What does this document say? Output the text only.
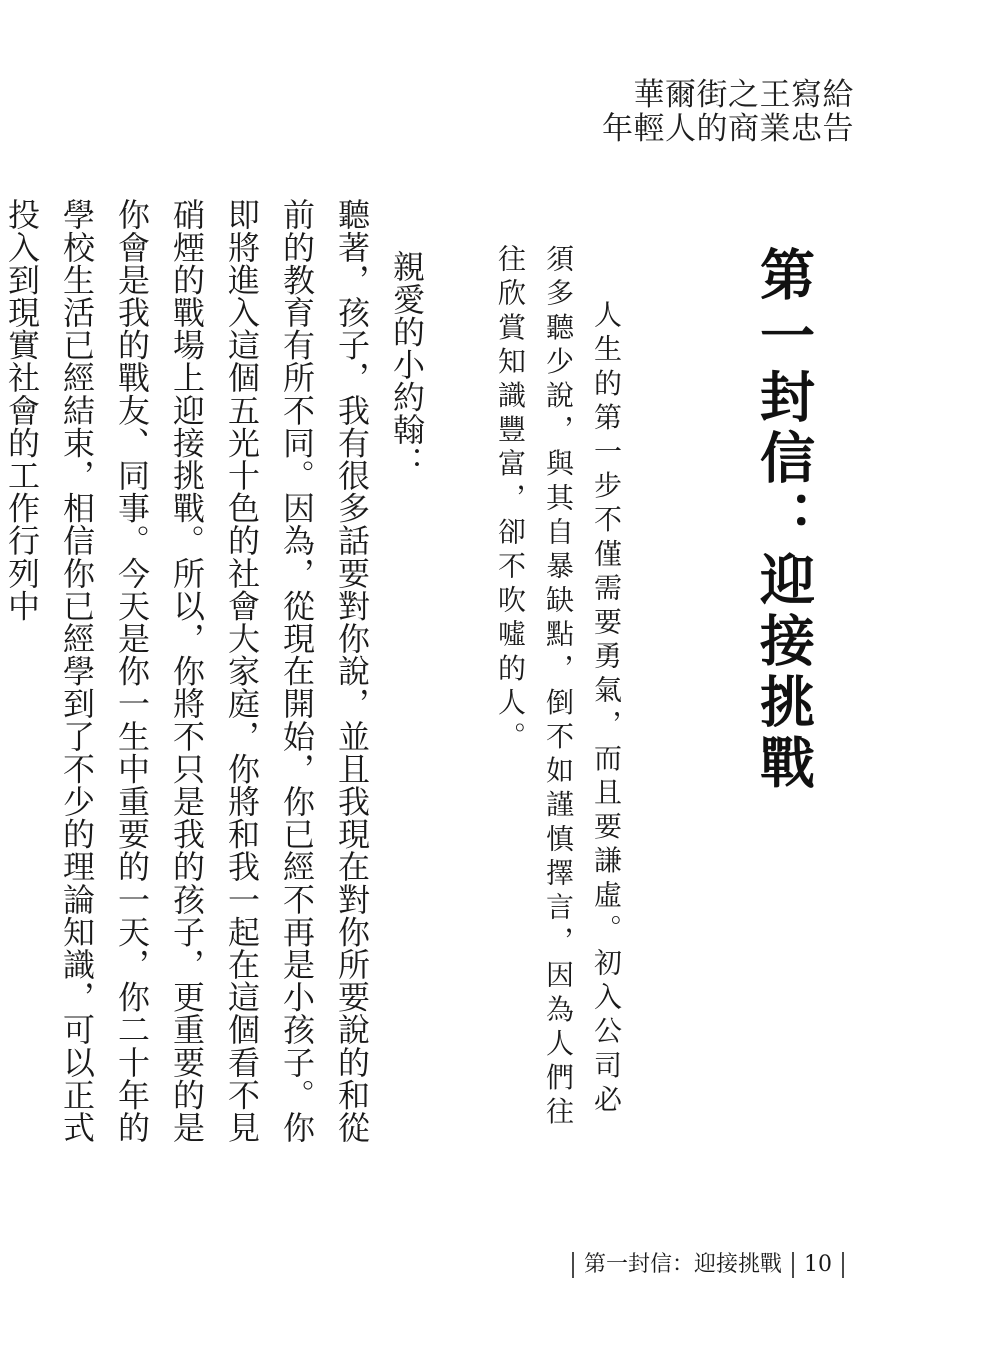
華爾街之王寫給
年輕人的商業忠告
第一封信：迎接挑戰

人生的第一步不僅需要勇氣，而且要謙虛。初入公司必須多聽少說，與其自暴缺點，倒不如謹慎擇言，因為人們往往欣賞知識豐富，卻不吹噓的人。

親愛的小約翰：

聽著，孩子，我有很多話要對你說，並且我現在對你所要說的和從前的教育有所不同。因為，從現在開始，你已經不再是小孩子。你即將進入這個五光十色的社會大家庭，你將和我一起在這個看不見硝煙的戰場上迎接挑戰。所以，你將不只是我的孩子，更重要的是你會是我的戰友、同事。今天是你一生中重要的一天，你二十年的學校生活已經結束，相信你已經學到了不少的理論知識，可以正式投入到現實社會的工作行列中

第一封信：迎接挑戰 10
